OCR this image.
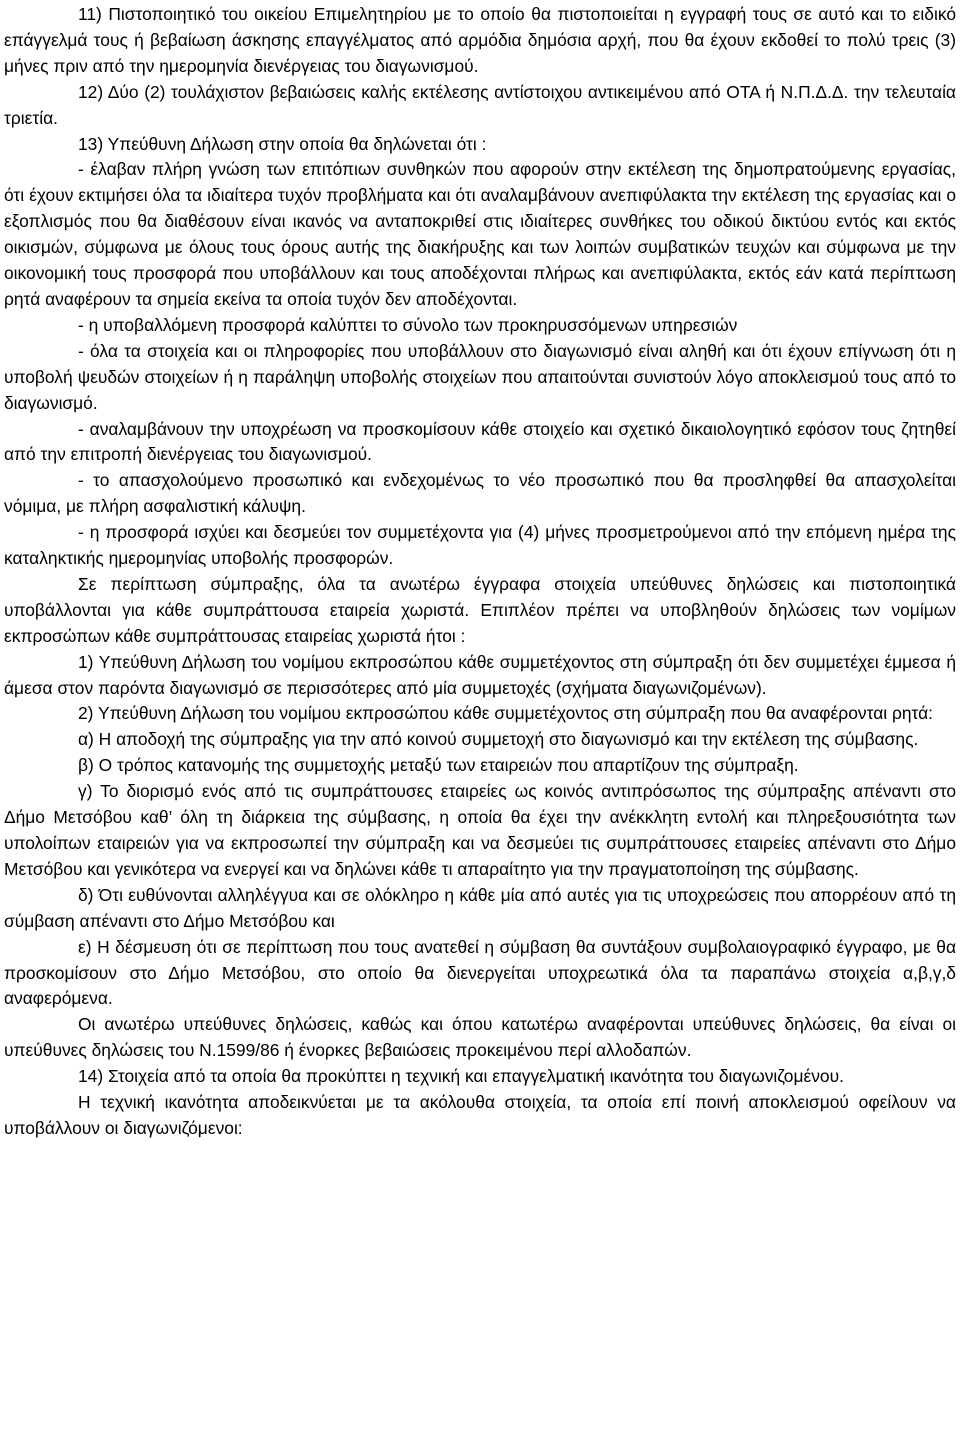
11) Πιστοποιητικό του οικείου Επιμελητηρίου με το οποίο θα πιστοποιείται η εγγραφή τους σε αυτό και το ειδικό επάγγελμά τους ή βεβαίωση άσκησης επαγγέλματος από αρμόδια δημόσια αρχή, που θα έχουν εκδοθεί το πολύ τρεις (3) μήνες πριν από την ημερομηνία διενέργειας του διαγωνισμού.

12) Δύο (2) τουλάχιστον βεβαιώσεις καλής εκτέλεσης αντίστοιχου αντικειμένου από ΟΤΑ ή Ν.Π.Δ.Δ. την τελευταία τριετία.

13) Υπεύθυνη Δήλωση στην οποία θα δηλώνεται ότι :

- έλαβαν πλήρη γνώση των επιτόπιων συνθηκών που αφορούν στην εκτέλεση της δημοπρατούμενης εργασίας, ότι έχουν εκτιμήσει όλα τα ιδιαίτερα τυχόν προβλήματα και ότι αναλαμβάνουν ανεπιφύλακτα την εκτέλεση της εργασίας και ο εξοπλισμός που θα διαθέσουν είναι ικανός να ανταποκριθεί στις ιδιαίτερες συνθήκες του οδικού δικτύου εντός και εκτός οικισμών, σύμφωνα με όλους τους όρους αυτής της διακήρυξης και των λοιπών συμβατικών τευχών και σύμφωνα με την οικονομική τους προσφορά που υποβάλλουν και τους αποδέχονται πλήρως και ανεπιφύλακτα, εκτός εάν κατά περίπτωση ρητά αναφέρουν τα σημεία εκείνα τα οποία τυχόν δεν αποδέχονται.

- η υποβαλλόμενη προσφορά καλύπτει το σύνολο των προκηρυσσόμενων υπηρεσιών

- όλα τα στοιχεία και οι πληροφορίες που υποβάλλουν στο διαγωνισμό είναι αληθή και ότι έχουν επίγνωση ότι η υποβολή ψευδών στοιχείων ή η παράληψη υποβολής στοιχείων που απαιτούνται συνιστούν λόγο αποκλεισμού τους από το διαγωνισμό.

- αναλαμβάνουν την υποχρέωση να προσκομίσουν κάθε στοιχείο και σχετικό δικαιολογητικό εφόσον τους ζητηθεί από την επιτροπή διενέργειας του διαγωνισμού.

- το απασχολούμενο προσωπικό και ενδεχομένως το νέο προσωπικό που θα προσληφθεί θα απασχολείται νόμιμα, με πλήρη ασφαλιστική κάλυψη.

- η προσφορά ισχύει και δεσμεύει τον συμμετέχοντα για (4) μήνες προσμετρούμενοι από την επόμενη ημέρα της καταληκτικής ημερομηνίας υποβολής προσφορών.

Σε περίπτωση σύμπραξης, όλα τα ανωτέρω έγγραφα στοιχεία υπεύθυνες δηλώσεις και πιστοποιητικά υποβάλλονται για κάθε συμπράττουσα εταιρεία χωριστά. Επιπλέον πρέπει να υποβληθούν δηλώσεις των νομίμων εκπροσώπων κάθε συμπράττουσας εταιρείας χωριστά ήτοι :

1) Υπεύθυνη Δήλωση του νομίμου εκπροσώπου κάθε συμμετέχοντος στη σύμπραξη ότι δεν συμμετέχει έμμεσα ή άμεσα στον παρόντα διαγωνισμό σε περισσότερες από μία συμμετοχές (σχήματα διαγωνιζομένων).

2) Υπεύθυνη Δήλωση του νομίμου εκπροσώπου κάθε συμμετέχοντος στη σύμπραξη που θα αναφέρονται ρητά:

α) Η αποδοχή της σύμπραξης για την από κοινού συμμετοχή στο διαγωνισμό και την εκτέλεση της σύμβασης.

β) Ο τρόπος κατανομής της συμμετοχής μεταξύ των εταιρειών που απαρτίζουν της σύμπραξη.

γ) Το διορισμό ενός από τις συμπράττουσες εταιρείες ως κοινός αντιπρόσωπος της σύμπραξης απέναντι στο Δήμο Μετσόβου καθ’ όλη τη διάρκεια της σύμβασης, η οποία θα έχει την ανέκκλητη εντολή και πληρεξουσιότητα των υπολοίπων εταιρειών για να εκπροσωπεί την σύμπραξη και να δεσμεύει τις συμπράττουσες εταιρείες απέναντι στο Δήμο Μετσόβου και γενικότερα να ενεργεί και να δηλώνει κάθε τι απαραίτητο για την πραγματοποίηση της σύμβασης.

δ) Ότι ευθύνονται αλληλέγγυα και σε ολόκληρο η κάθε μία από αυτές για τις υποχρεώσεις που απορρέουν από τη σύμβαση απέναντι στο Δήμο Μετσόβου και

ε) Η δέσμευση ότι σε περίπτωση που τους ανατεθεί η σύμβαση θα συντάξουν συμβολαιογραφικό έγγραφο, με θα προσκομίσουν στο Δήμο Μετσόβου, στο οποίο θα διενεργείται υποχρεωτικά όλα τα παραπάνω στοιχεία α,β,γ,δ αναφερόμενα.

Οι ανωτέρω υπεύθυνες δηλώσεις, καθώς και όπου κατωτέρω αναφέρονται υπεύθυνες δηλώσεις, θα είναι οι υπεύθυνες δηλώσεις του Ν.1599/86 ή ένορκες βεβαιώσεις προκειμένου περί αλλοδαπών.

14) Στοιχεία από τα οποία θα προκύπτει η τεχνική και επαγγελματική ικανότητα του διαγωνιζομένου.

Η τεχνική ικανότητα αποδεικνύεται με τα ακόλουθα στοιχεία, τα οποία επί ποινή αποκλεισμού οφείλουν να υποβάλλουν οι διαγωνιζόμενοι:
